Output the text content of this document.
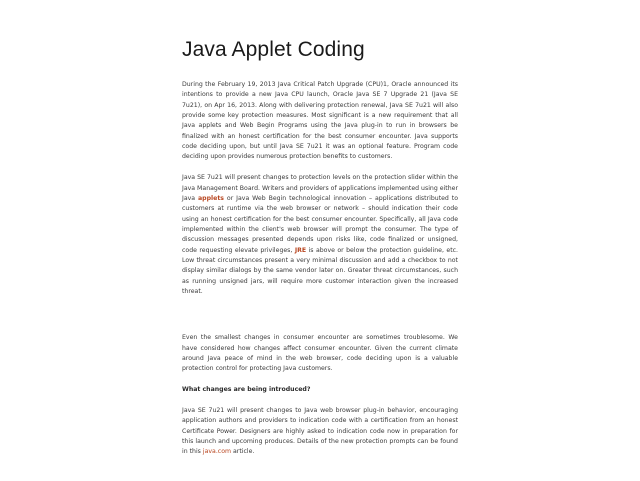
Java Applet Coding

During the February 19, 2013 Java Critical Patch Upgrade (CPU)1, Oracle announced its intentions to provide a new Java CPU launch, Oracle Java SE 7 Upgrade 21 (Java SE 7u21), on Apr 16, 2013. Along with delivering protection renewal, Java SE 7u21 will also provide some key protection measures. Most significant is a new requirement that all Java applets and Web Begin Programs using the Java plug-in to run in browsers be finalized with an honest certification for the best consumer encounter. Java supports code deciding upon, but until Java SE 7u21 it was an optional feature. Program code deciding upon provides numerous protection benefits to customers.

Java SE 7u21 will present changes to protection levels on the protection slider within the Java Management Board. Writers and providers of applications implemented using either Java applets or Java Web Begin technological innovation – applications distributed to customers at runtime via the web browser or network – should indication their code using an honest certification for the best consumer encounter. Specifically, all Java code implemented within the client's web browser will prompt the consumer. The type of discussion messages presented depends upon risks like, code finalized or unsigned, code requesting elevate privileges, JRE is above or below the protection guideline, etc. Low threat circumstances present a very minimal discussion and add a checkbox to not display similar dialogs by the same vendor later on. Greater threat circumstances, such as running unsigned jars, will require more customer interaction given the increased threat.

Even the smallest changes in consumer encounter are sometimes troublesome. We have considered how changes affect consumer encounter. Given the current climate around Java peace of mind in the web browser, code deciding upon is a valuable protection control for protecting Java customers.

What changes are being introduced?

Java SE 7u21 will present changes to Java web browser plug-in behavior, encouraging application authors and providers to indication code with a certification from an honest Certificate Power. Designers are highly asked to indication code now in preparation for this launch and upcoming produces. Details of the new protection prompts can be found in this java.com article.
